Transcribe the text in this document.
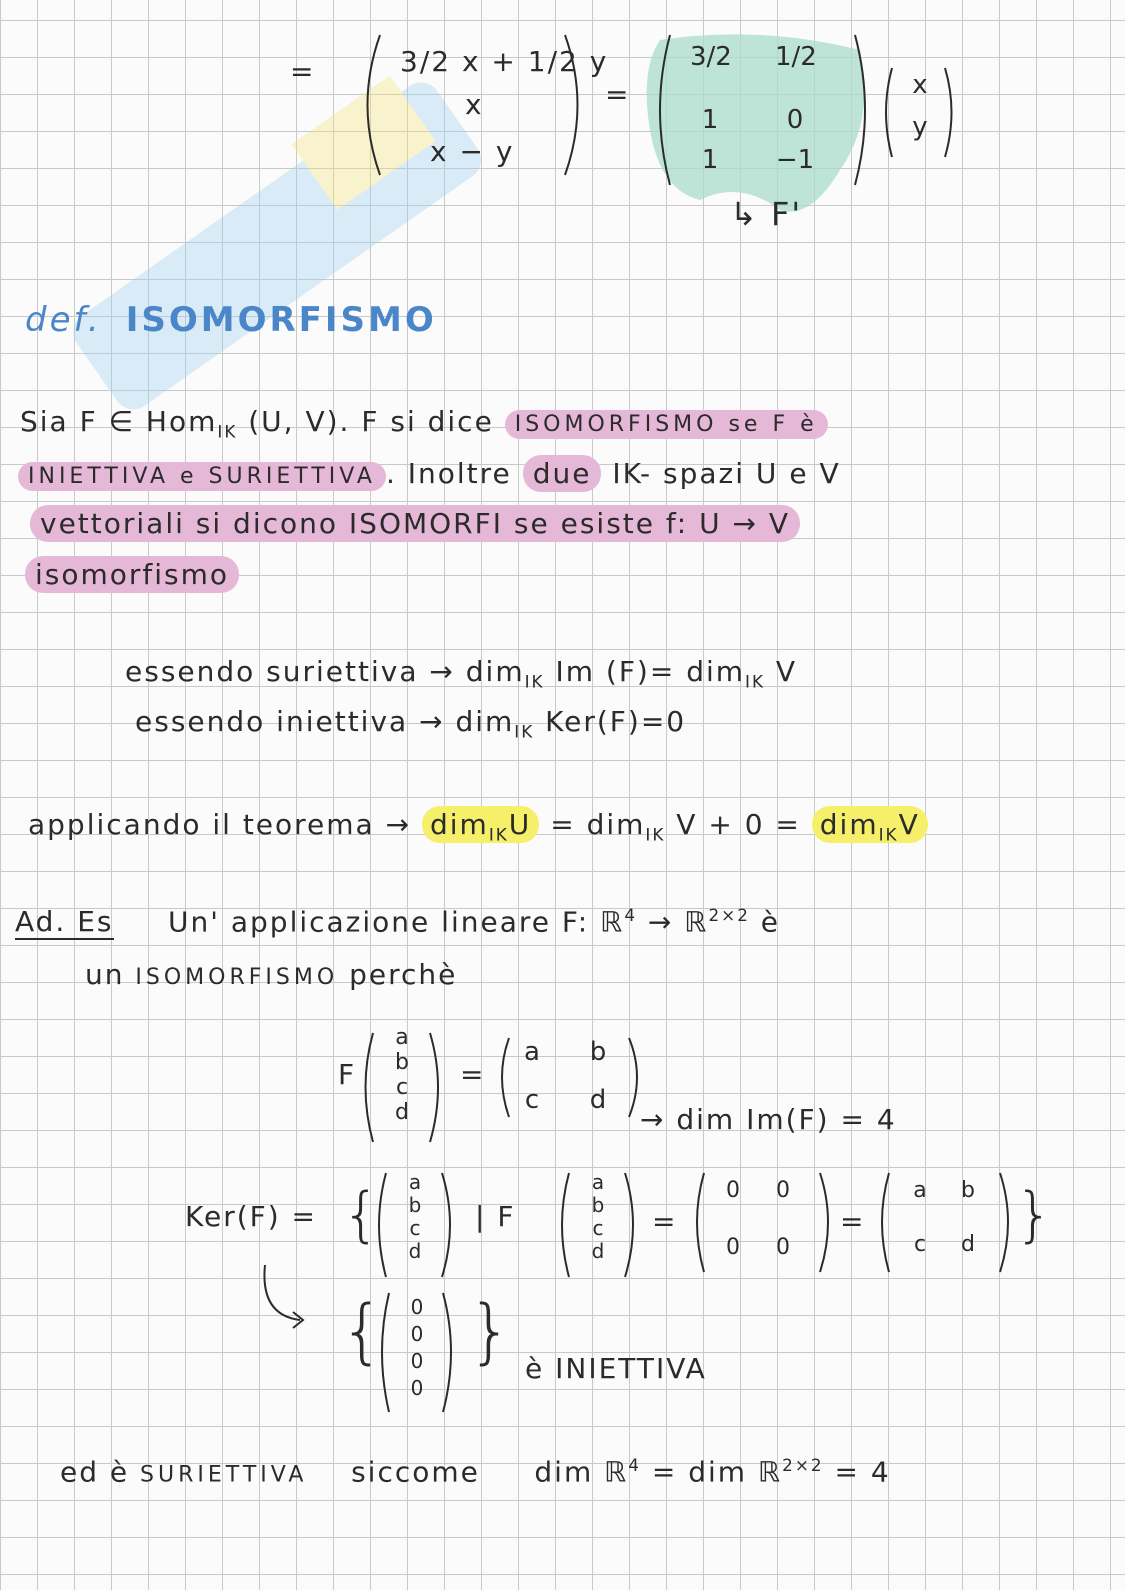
=	3/2 x + 1/2 y
x
x − y
=
3/2 1/2
1	0
1	−1
x
y
↳ F'
def. ISOMORFISMO
Sia F ∈ Hom$_{IK}$ (U, V). F si dice ISOMORFISMO se F è
INIETTIVA e SURIETTIVA . Inoltre due IK- spazi U e V
vettoriali si dicono ISOMORFI se esiste f: U → V
isomorfismo
essendo suriettiva → dim$_{IK}$ Im (F)= dim$_{IK}$ V
essendo iniettiva → dim$_{IK}$ Ker(F)=0
applicando il teorema → dim$_{IK}$U = dim$_{IK}$ V + 0 = dim$_{IK}$V
Ad. Es Un' applicazione lineare F: ℝ$^4$ → ℝ$^{2\times 2}$ è
un ISOMORFISMO perchè
F
a
b
c
d
=
a	b
c	d
→ dim Im(F) = 4
Ker(F) = {	a
b
c
d
| F
a
b
c
d
=
0	0
0	0
=
a	b
c	d }
{	0
0
0
0
} è INIETTIVA
ed è SURIETTIVA siccome dim ℝ$^4$ = dim ℝ$^{2\times 2}$ = 4
